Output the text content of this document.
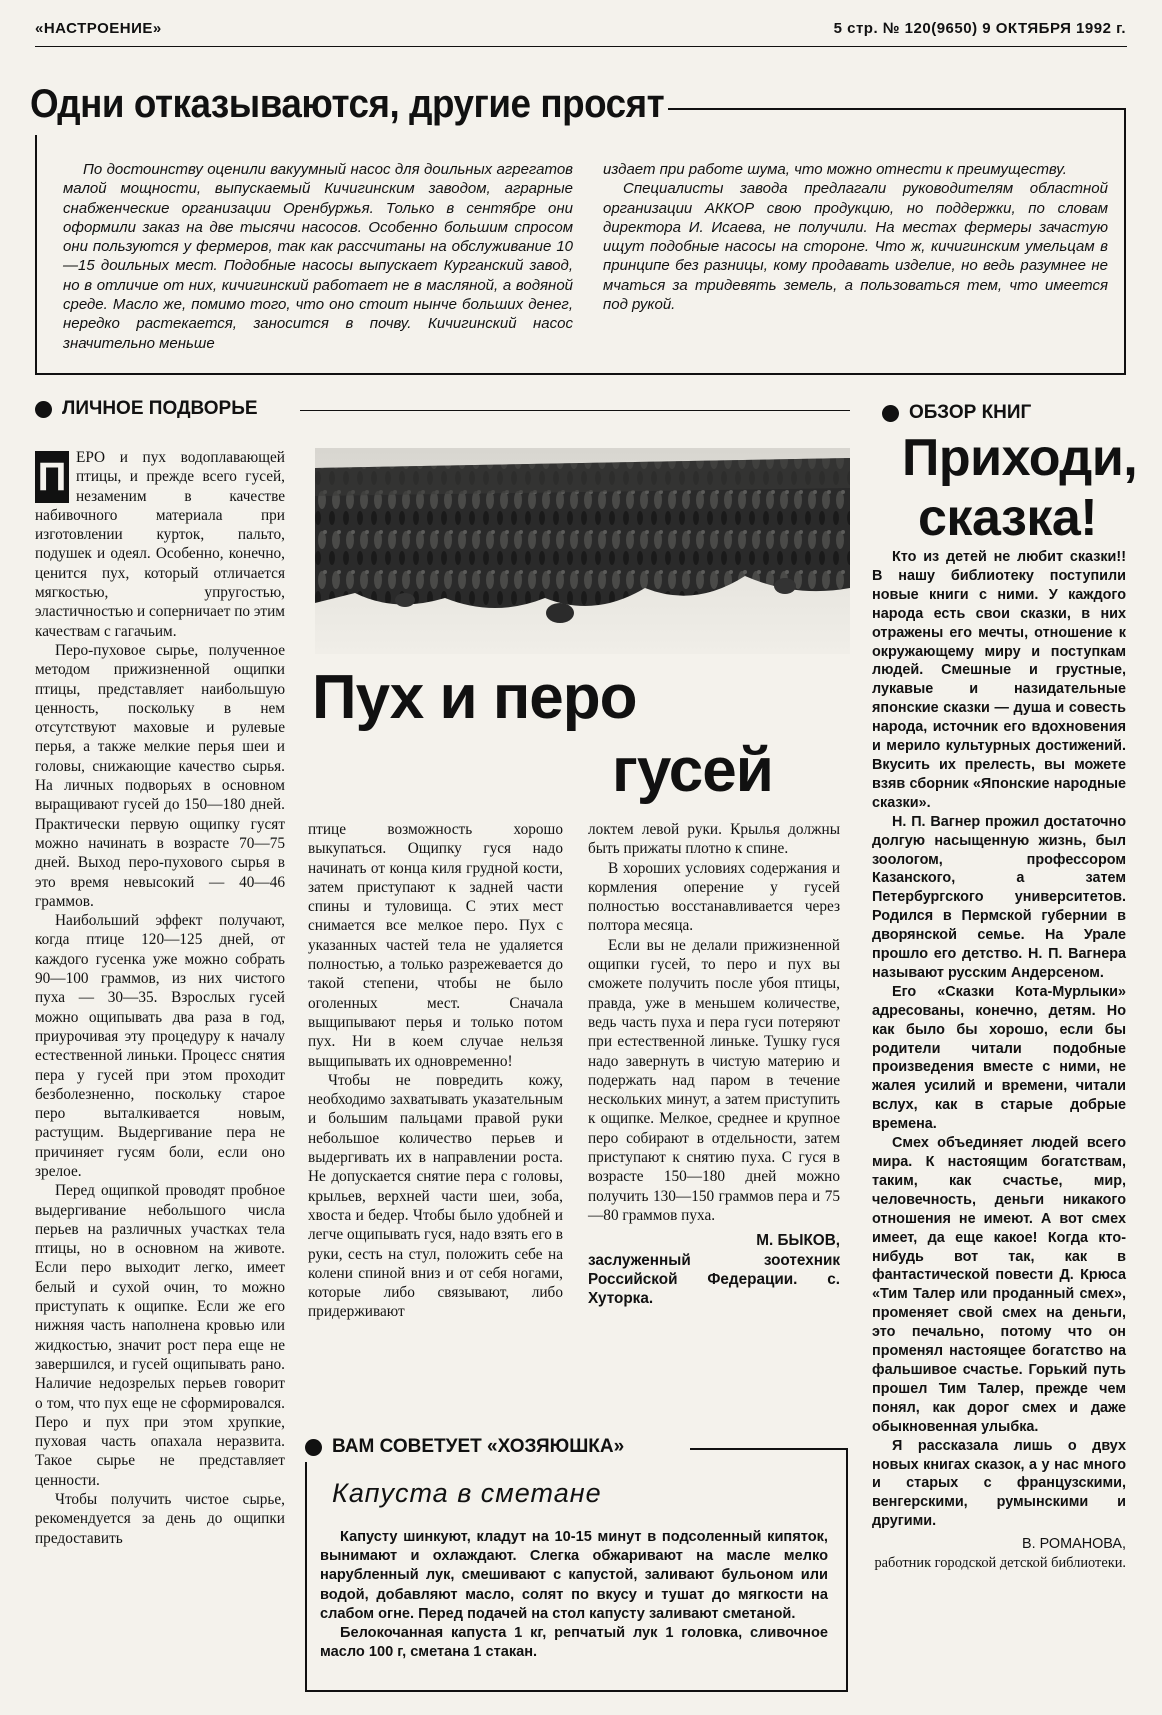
«НАСТРОЕНИЕ»	5 стр. № 120(9650) 9 ОКТЯБРЯ 1992 г.
Одни отказываются, другие просят

По достоинству оценили вакуумный насос для доильных агрегатов малой мощности, выпускаемый Кичигинским заводом, аграрные снабженческие организации Оренбуржья. Только в сентябре они оформили заказ на две тысячи насосов. Особенно большим спросом они пользуются у фермеров, так как рассчитаны на обслуживание 10—15 доильных мест. Подобные насосы выпускает Курганский завод, но в отличие от них, кичигинский работает не в масляной, а водяной среде. Масло же, помимо того, что оно стоит нынче больших денег, нередко растекается, заносится в почву. Кичигинский насос значительно меньше

издает при работе шума, что можно отнести к преимуществу.

Специалисты завода предлагали руководителям областной организации АККОР свою продукцию, но поддержки, по словам директора И. Исаева, не получили. На местах фермеры зачастую ищут подобные насосы на стороне. Что ж, кичигинским умельцам в принципе без разницы, кому продавать изделие, но ведь разумнее не мчаться за тридевять земель, а пользоваться тем, что имеется под рукой.

ЛИЧНОЕ ПОДВОРЬЕ
Пух и перо
гусей

П ЕРО и пух водоплавающей птицы, и прежде всего гусей, незаменим в качестве набивочного материала при изготовлении курток, пальто, подушек и одеял. Особенно, конечно, ценится пух, который отличается мягкостью, упругостью, эластичностью и соперничает по этим качествам с гагачьим.

Перо-пуховое сырье, полученное методом прижизненной ощипки птицы, представляет наибольшую ценность, поскольку в нем отсутствуют маховые и рулевые перья, а также мелкие перья шеи и головы, снижающие качество сырья. На личных подворьях в основном выращивают гусей до 150—180 дней. Практически первую ощипку гусят можно начинать в возрасте 70—75 дней. Выход перо-пухового сырья в это время невысокий — 40—46 граммов.

Наибольший эффект получают, когда птице 120—125 дней, от каждого гусенка уже можно собрать 90—100 граммов, из них чистого пуха — 30—35. Взрослых гусей можно ощипывать два раза в год, приурочивая эту процедуру к началу естественной линьки. Процесс снятия пера у гусей при этом проходит безболезненно, поскольку старое перо выталкивается новым, растущим. Выдергивание пера не причиняет гусям боли, если оно зрелое.

Перед ощипкой проводят пробное выдергивание небольшого числа перьев на различных участках тела птицы, но в основном на животе. Если перо выходит легко, имеет белый и сухой очин, то можно приступать к ощипке. Если же его нижняя часть наполнена кровью или жидкостью, значит рост пера еще не завершился, и гусей ощипывать рано. Наличие недозрелых перьев говорит о том, что пух еще не сформировался. Перо и пух при этом хрупкие, пуховая часть опахала неразвита. Такое сырье не представляет ценности.

Чтобы получить чистое сырье, рекомендуется за день до ощипки предоставить

птице возможность хорошо выкупаться. Ощипку гуся надо начинать от конца киля грудной кости, затем приступают к задней части спины и туловища. С этих мест снимается все мелкое перо. Пух с указанных частей тела не удаляется полностью, а только разрежевается до такой степени, чтобы не было оголенных мест. Сначала выщипывают перья и только потом пух. Ни в коем случае нельзя выщипывать их одновременно!

Чтобы не повредить кожу, необходимо захватывать указательным и большим пальцами правой руки небольшое количество перьев и выдергивать их в направлении роста. Не допускается снятие пера с головы, крыльев, верхней части шеи, зоба, хвоста и бедер. Чтобы было удобней и легче ощипывать гуся, надо взять его в руки, сесть на стул, положить себе на колени спиной вниз и от себя ногами, которые либо связывают, либо придерживают

локтем левой руки. Крылья должны быть прижаты плотно к спине.

В хороших условиях содержания и кормления оперение у гусей полностью восстанавливается через полтора месяца.

Если вы не делали прижизненной ощипки гусей, то перо и пух вы сможете получить после убоя птицы, правда, уже в меньшем количестве, ведь часть пуха и пера гуси потеряют при естественной линьке. Тушку гуся надо завернуть в чистую материю и подержать над паром в течение нескольких минут, а затем приступить к ощипке. Мелкое, среднее и крупное перо собирают в отдельности, затем приступают к снятию пуха. С гуся в возрасте 150—180 дней можно получить 130—150 граммов пера и 75—80 граммов пуха.

М. БЫКОВ,
заслуженный зоотехник Российской Федерации. с. Хуторка.
ВАМ СОВЕТУЕТ «ХОЗЯЮШКА»
Капуста в сметане

Капусту шинкуют, кладут на 10-15 минут в подсоленный кипяток, вынимают и охлаждают. Слегка обжаривают на масле мелко нарубленный лук, смешивают с капустой, заливают бульоном или водой, добавляют масло, солят по вкусу и тушат до мягкости на слабом огне. Перед подачей на стол капусту заливают сметаной.

Белокочанная капуста 1 кг, репчатый лук 1 головка, сливочное масло 100 г, сметана 1 стакан.

ОБЗОР КНИГ
Приходи,
сказка!

Кто из детей не любит сказки!! В нашу библиотеку поступили новые книги с ними. У каждого народа есть свои сказки, в них отражены его мечты, отношение к окружающему миру и поступкам людей. Смешные и грустные, лукавые и назидательные японские сказки — душа и совесть народа, источник его вдохновения и мерило культурных достижений. Вкусить их прелесть, вы можете взяв сборник «Японские народные сказки».

Н. П. Вагнер прожил достаточно долгую насыщенную жизнь, был зоологом, профессором Казанского, а затем Петербургского университетов. Родился в Пермской губернии в дворянской семье. На Урале прошло его детство. Н. П. Вагнера называют русским Андерсеном.

Его «Сказки Кота-Мурлыки» адресованы, конечно, детям. Но как было бы хорошо, если бы родители читали подобные произведения вместе с ними, не жалея усилий и времени, читали вслух, как в старые добрые времена.

Смех объединяет людей всего мира. К настоящим богатствам, таким, как счастье, мир, человечность, деньги никакого отношения не имеют. А вот смех имеет, да еще какое! Когда кто-нибудь вот так, как в фантастической повести Д. Крюса «Тим Талер или проданный смех», променяет свой смех на деньги, это печально, потому что он променял настоящее богатство на фальшивое счастье. Горький путь прошел Тим Талер, прежде чем понял, как дорог смех и даже обыкновенная улыбка.

Я рассказала лишь о двух новых книгах сказок, а у нас много и старых с французскими, венгерскими, румынскими и другими.

В. РОМАНОВА,
работник городской детской библиотеки.
